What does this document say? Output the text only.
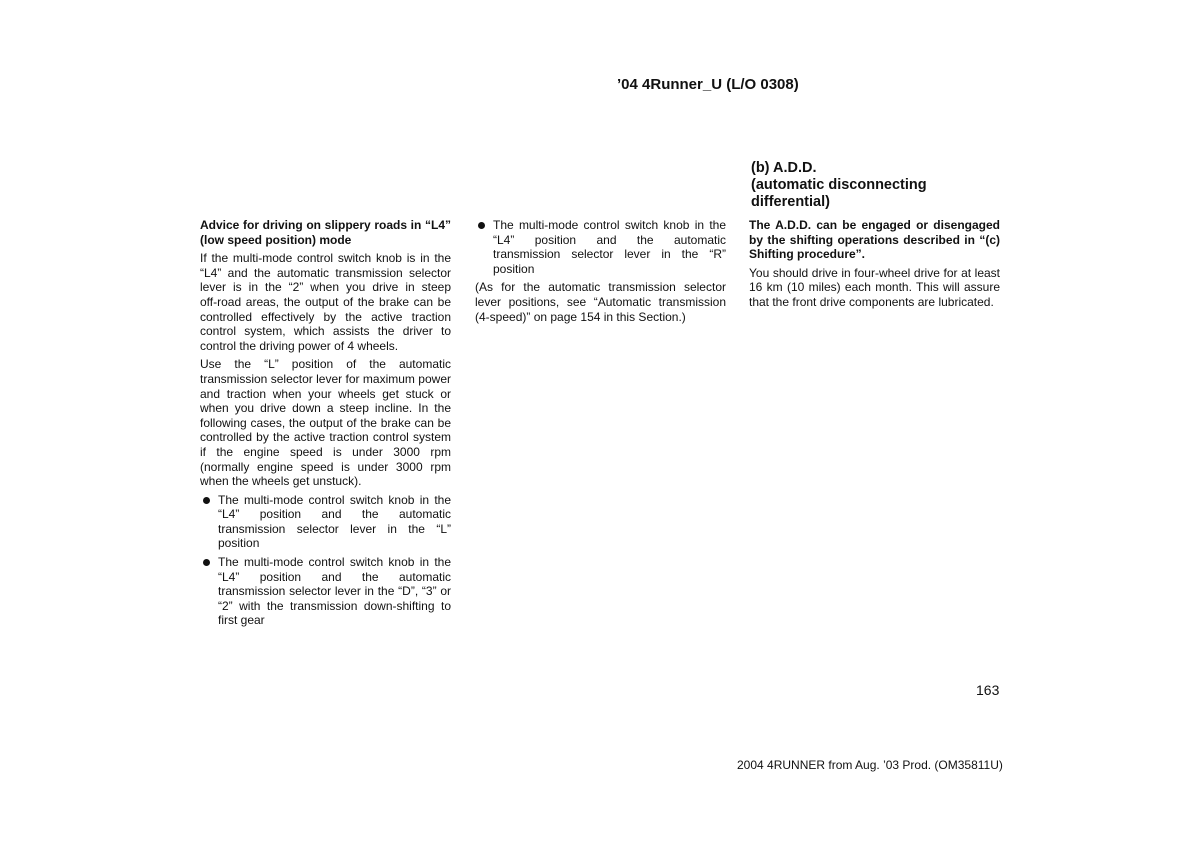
’04 4Runner_U (L/O 0308)

Advice for driving on slippery roads in “L4” (low speed position) mode

If the multi‑mode control switch knob is in the “L4” and the automatic transmission selector lever is in the “2” when you drive in steep off‑road areas, the output of the brake can be controlled effectively by the active traction control system, which assists the driver to control the driving power of 4 wheels.

Use the “L” position of the automatic transmission selector lever for maximum power and traction when your wheels get stuck or when you drive down a steep incline. In the following cases, the output of the brake can be controlled by the active traction control system if the engine speed is under 3000 rpm (normally engine speed is under 3000 rpm when the wheels get unstuck).

The multi‑mode control switch knob in the “L4” position and the automatic transmission selector lever in the “L” position
The multi‑mode control switch knob in the “L4” position and the automatic transmission selector lever in the “D”, “3” or “2” with the transmission down‑shifting to first gear
The multi‑mode control switch knob in the “L4” position and the automatic transmission selector lever in the “R” position

(As for the automatic transmission selector lever positions, see “Automatic transmission (4‑speed)” on page 154 in this Section.)

(b) A.D.D.
(automatic disconnecting
differential)

The A.D.D. can be engaged or disengaged by the shifting operations described in “(c) Shifting procedure”.

You should drive in four‑wheel drive for at least 16 km (10 miles) each month. This will assure that the front drive components are lubricated.

163
2004 4RUNNER from Aug. ’03 Prod. (OM35811U)
